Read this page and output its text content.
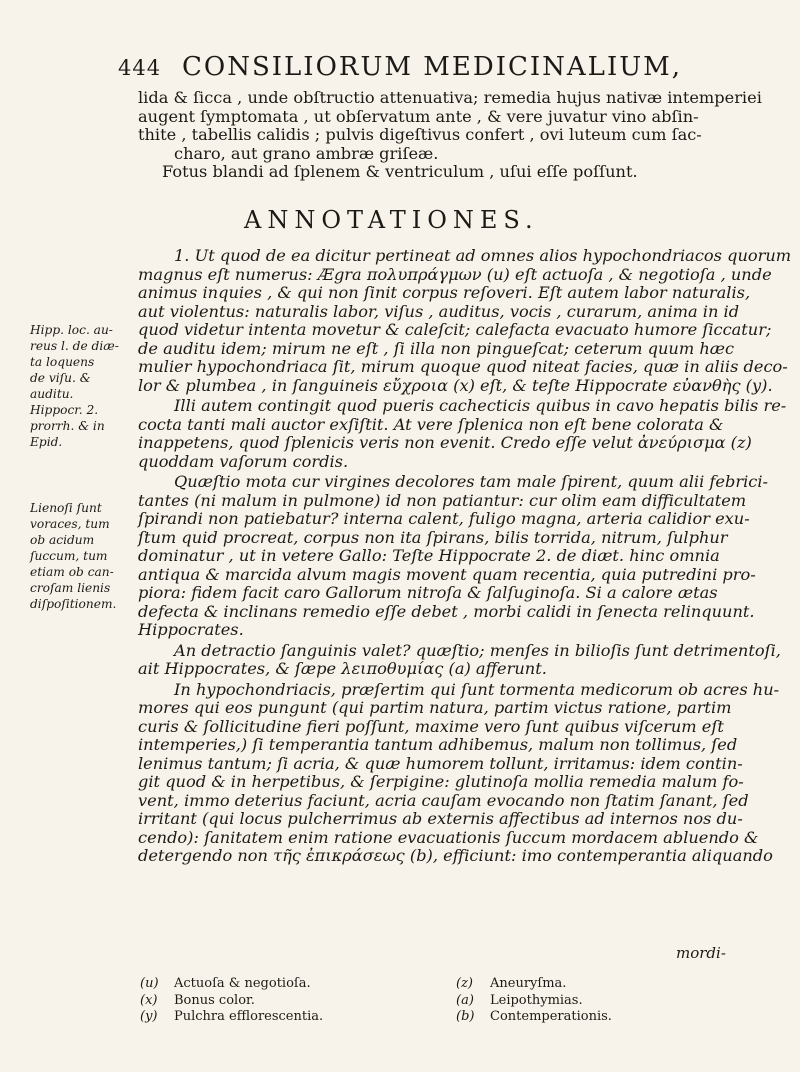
444 CONSILIORUM MEDICINALIUM,
lida & ſicca , unde obſtructio attenuativa; remedia hujus nativæ intemperiei
augent ſymptomata , ut obſervatum ante , & vere juvatur vino abſin-
thite , tabellis calidis ; pulvis digeſtivus confert , ovi luteum cum ſac-
charo, aut grano ambræ griſeæ.
Fotus blandi ad ſplenem & ventriculum , uſui eſſe poſſunt.
ANNOTATIONES.
1. Ut quod de ea dicitur pertineat ad omnes alios hypochondriacos quorum
magnus eſt numerus: Ægra πολυπράγμων (u) eſt actuoſa , & negotioſa , unde
animus inquies , & qui non ſinit corpus reſoveri. Eſt autem labor naturalis,
aut violentus: naturalis labor, viſus , auditus, vocis , curarum, anima in id
quod videtur intenta movetur & caleſcit; calefacta evacuato humore ſiccatur;
de auditu idem; mirum ne eſt , ſi illa non pingueſcat; ceterum quum hæc
mulier hypochondriaca ſit, mirum quoque quod niteat facies, quæ in aliis deco-
lor & plumbea , in ſanguineis εὔχροια (x) eſt, & teſte Hippocrate εὐανθὴς (y).
Illi autem contingit quod pueris cachecticis quibus in cavo hepatis bilis re-
cocta tanti mali auctor exſiſtit. At vere ſplenica non eſt bene colorata &
inappetens, quod ſplenicis veris non evenit. Credo eſſe velut ἀνεύρισμα (z)
quoddam vaſorum cordis.
Quæſtio mota cur virgines decolores tam male ſpirent, quum alii febrici-
tantes (ni malum in pulmone) id non patiantur: cur olim eam difficultatem
ſpirandi non patiebatur? interna calent, fuligo magna, arteria calidior exu-
ſtum quid procreat, corpus non ita ſpirans, bilis torrida, nitrum, ſulphur
dominatur , ut in vetere Gallo: Teſte Hippocrate 2. de diæt. hinc omnia
antiqua & marcida alvum magis movent quam recentia, quia putredini pro-
piora: fidem facit caro Gallorum nitroſa & ſalſuginoſa. Si a calore ætas
defecta & inclinans remedio eſſe debet , morbi calidi in ſenecta relinquunt.
Hippocrates.
An detractio ſanguinis valet? quæſtio; menſes in bilioſis ſunt detrimentoſi,
ait Hippocrates, & ſæpe λειποθυμίας (a) afferunt.
In hypochondriacis, præſertim qui ſunt tormenta medicorum ob acres hu-
mores qui eos pungunt (qui partim natura, partim victus ratione, partim
curis & ſollicitudine fieri poſſunt, maxime vero ſunt quibus viſcerum eſt
intemperies,) ſi temperantia tantum adhibemus, malum non tollimus, ſed
lenimus tantum; ſi acria, & quæ humorem tollunt, irritamus: idem contin-
git quod & in herpetibus, & ſerpigine: glutinoſa mollia remedia malum fo-
vent, immo deterius faciunt, acria cauſam evocando non ſtatim ſanant, ſed
irritant (qui locus pulcherrimus ab externis affectibus ad internos nos du-
cendo): ſanitatem enim ratione evacuationis ſuccum mordacem abluendo &
detergendo non τῆς ἐπικράσεως (b), efficiunt: imo contemperantia aliquando
mordi-
Hipp. loc. au-
reus l. de diæ-
ta loquens
de viſu. &
auditu.
Hippocr. 2.
prorrh. & in
Epid.
Lienoſi ſunt
voraces, tum
ob acidum
ſuccum, tum
etiam ob can-
croſam lienis
diſpoſitionem.
(u) Actuoſa & negotioſa.
(x) Bonus color.
(y) Pulchra efflorescentia.
(z) Aneuryſma.
(a) Leipothymias.
(b) Contemperationis.
